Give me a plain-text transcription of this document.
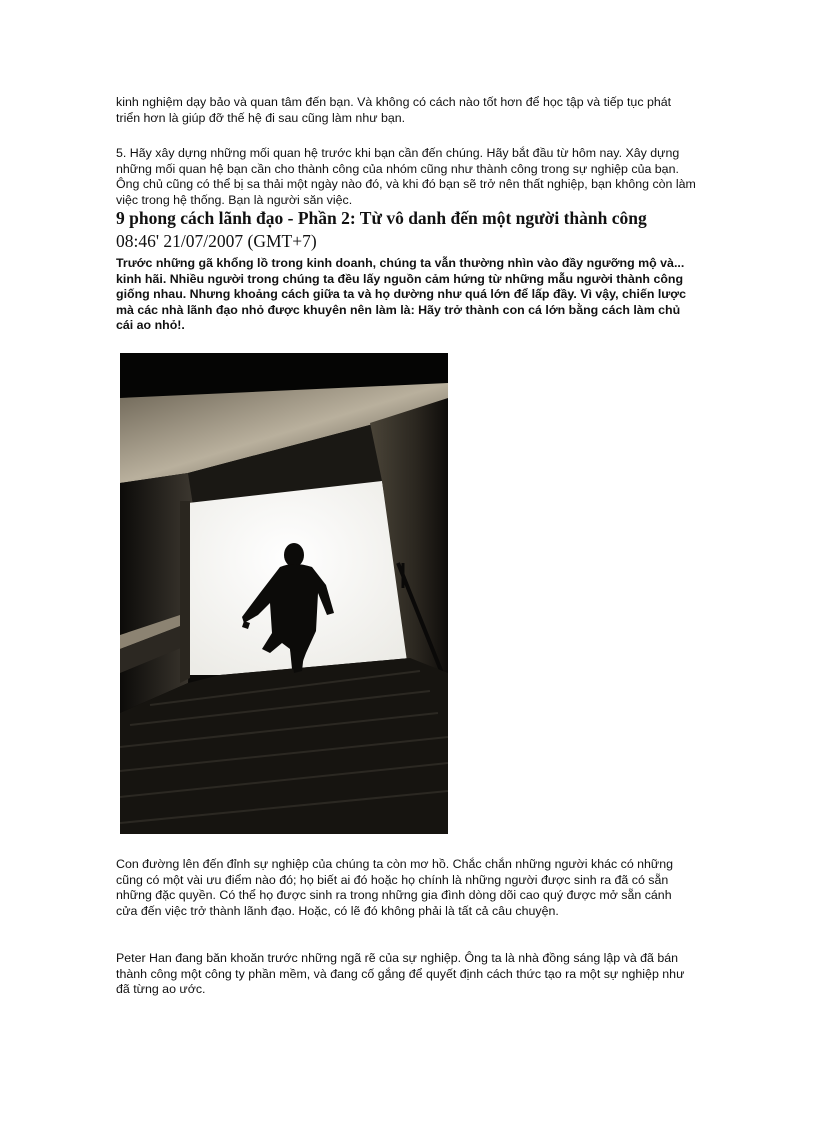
kinh nghiệm dạy bảo và quan tâm đến bạn. Và không có cách nào tốt hơn để học tập và tiếp tục phát triển hơn là giúp đỡ thế hệ đi sau cũng làm như bạn.

5. Hãy xây dựng những mối quan hệ trước khi bạn cần đến chúng. Hãy bắt đầu từ hôm nay. Xây dựng những mối quan hệ bạn cần cho thành công của nhóm cũng như thành công trong sự nghiệp của bạn. Ông chủ cũng có thể bị sa thải một ngày nào đó, và khi đó bạn sẽ trở nên thất nghiệp, bạn không còn làm việc trong hệ thống. Bạn là người săn việc.

9 phong cách lãnh đạo - Phần 2: Từ vô danh đến một người thành công
08:46' 21/07/2007 (GMT+7)

Trước những gã khổng lồ trong kinh doanh, chúng ta vẫn thường nhìn vào đầy ngưỡng mộ và... kinh hãi. Nhiều người trong chúng ta đều lấy nguồn cảm hứng từ những mẫu người thành công giống nhau. Nhưng khoảng cách giữa ta và họ dường như quá lớn để lấp đầy. Vì vậy, chiến lược mà các nhà lãnh đạo nhỏ được khuyên nên làm là: Hãy trở thành con cá lớn bằng cách làm chủ cái ao nhỏ!.

Con đường lên đến đỉnh sự nghiệp của chúng ta còn mơ hồ. Chắc chắn những người khác có những cũng có một vài ưu điểm nào đó; họ biết ai đó hoặc họ chính là những người được sinh ra đã có sẵn những đặc quyền. Có thể họ được sinh ra trong những gia đình dòng dõi cao quý được mở sẵn cánh cửa đến việc trở thành lãnh đạo. Hoặc, có lẽ đó không phải là tất cả câu chuyện.

Peter Han đang băn khoăn trước những ngã rẽ của sự nghiệp. Ông ta là nhà đồng sáng lập và đã bán thành công một công ty phần mềm, và đang cố gắng để quyết định cách thức tạo ra một sự nghiệp như đã từng ao ước.
